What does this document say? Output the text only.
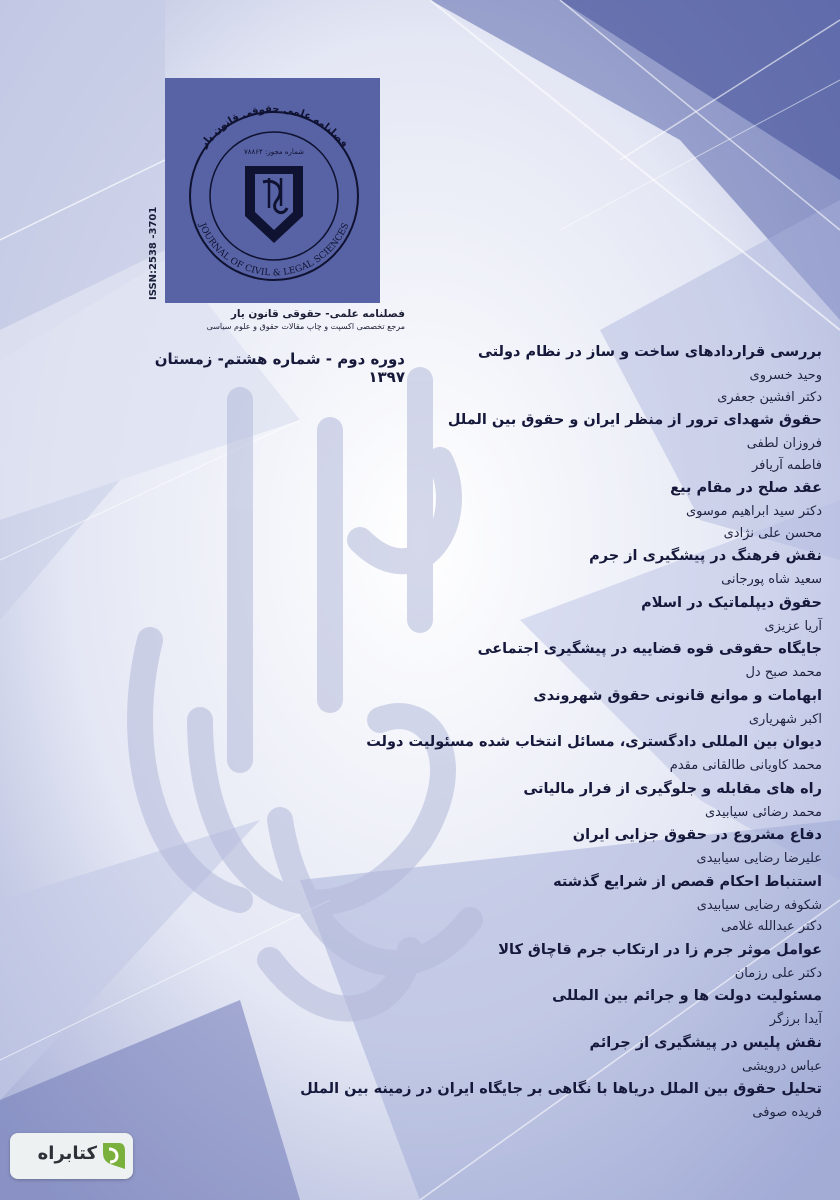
فصلنامه علمی حقوقی قانون یار
JOURNAL OF CIVIL & LEGAL SCIENCES
شماره مجوز: ۷۸۸۶۴
فصلنامه علمی- حقوقی قانون یار
مرجع تخصصی اکسپت و چاپ مقالات حقوق و علوم سیاسی
دوره دوم - شماره هشتم- زمستان ۱۳۹۷
بررسی قراردادهای ساخت و ساز در نظام دولتی
وحید خسروی
دکتر افشین جعفری
حقوق شهدای ترور از منظر ایران و حقوق بین الملل
فروزان لطفی
فاطمه آریافر
عقد صلح در مقام بیع
دکتر سید ابراهیم موسوی
محسن علی نژادی
نقش فرهنگ در پیشگیری از جرم
سعید شاه پورجانی
حقوق دیپلماتیک در اسلام
آریا عزیزی
جایگاه حقوقی قوه قضاییه در پیشگیری اجتماعی
محمد صبح دل
ابهامات و موانع قانونی حقوق شهروندی
اکبر شهریاری
دیوان بین المللی دادگستری، مسائل انتخاب شده مسئولیت دولت
محمد کاویانی طالقانی مقدم
راه های مقابله و جلوگیری از فرار مالیاتی
محمد رضائی سیابیدی
دفاع مشروع در حقوق جزایی ایران
علیرضا رضایی سیابیدی
استنباط احکام قصص از شرایع گذشته
شکوفه رضایی سیابیدی
دکتر عبدالله غلامی
عوامل موثر جرم زا در ارتکاب جرم قاچاق کالا
دکتر علی رزمان
مسئولیت دولت ها و جرائم بین المللی
آیدا برزگر
نقش پلیس در پیشگیری از جرائم
عباس درویشی
تحلیل حقوق بین الملل دریاها با نگاهی بر جایگاه ایران در زمینه بین الملل
فریده صوفی
کتابراه
